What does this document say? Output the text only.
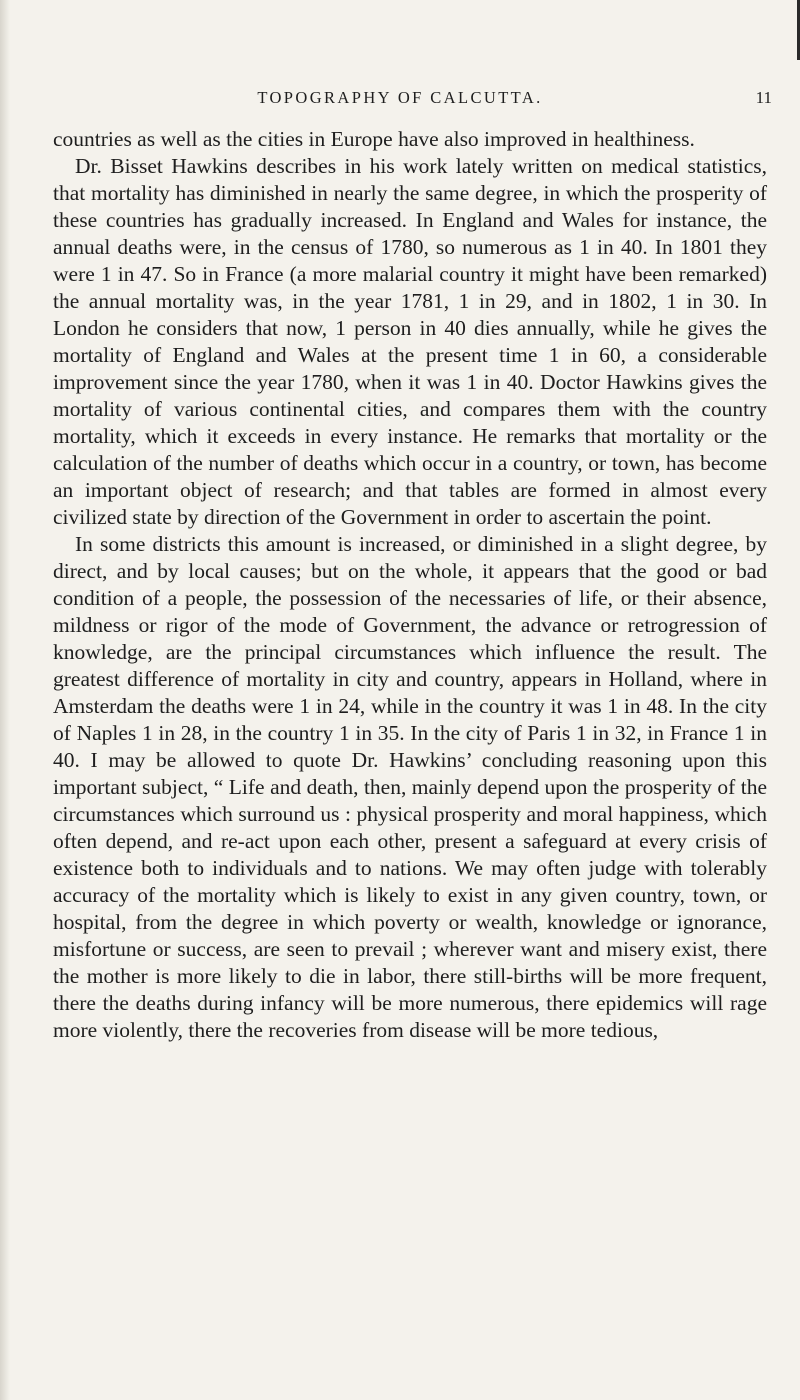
TOPOGRAPHY OF CALCUTTA.	11

countries as well as the cities in Europe have also improved in healthiness.

Dr. Bisset Hawkins describes in his work lately written on medical statistics, that mortality has diminished in nearly the same degree, in which the prosperity of these countries has gradually increased. In England and Wales for instance, the annual deaths were, in the census of 1780, so numerous as 1 in 40. In 1801 they were 1 in 47. So in France (a more malarial country it might have been remarked) the annual mortality was, in the year 1781, 1 in 29, and in 1802, 1 in 30. In London he considers that now, 1 person in 40 dies annually, while he gives the mortality of England and Wales at the present time 1 in 60, a considerable improvement since the year 1780, when it was 1 in 40. Doctor Hawkins gives the mortality of various continental cities, and compares them with the country mortality, which it exceeds in every instance. He remarks that mortality or the calculation of the number of deaths which occur in a country, or town, has become an important object of research; and that tables are formed in almost every civilized state by direction of the Government in order to ascertain the point.

In some districts this amount is increased, or diminished in a slight degree, by direct, and by local causes; but on the whole, it appears that the good or bad condition of a people, the possession of the necessaries of life, or their absence, mildness or rigor of the mode of Government, the advance or retrogression of knowledge, are the principal circumstances which influence the result. The greatest difference of mortality in city and country, appears in Holland, where in Amsterdam the deaths were 1 in 24, while in the country it was 1 in 48. In the city of Naples 1 in 28, in the country 1 in 35. In the city of Paris 1 in 32, in France 1 in 40. I may be allowed to quote Dr. Hawkins’ concluding reasoning upon this important subject, “ Life and death, then, mainly depend upon the prosperity of the circumstances which surround us : physical prosperity and moral happiness, which often depend, and re-act upon each other, present a safeguard at every crisis of existence both to individuals and to nations. We may often judge with tolerably accuracy of the mortality which is likely to exist in any given country, town, or hospital, from the degree in which poverty or wealth, knowledge or ignorance, misfortune or success, are seen to prevail ; wherever want and misery exist, there the mother is more likely to die in labor, there still-births will be more frequent, there the deaths during infancy will be more numerous, there epidemics will rage more violently, there the recoveries from disease will be more tedious,
